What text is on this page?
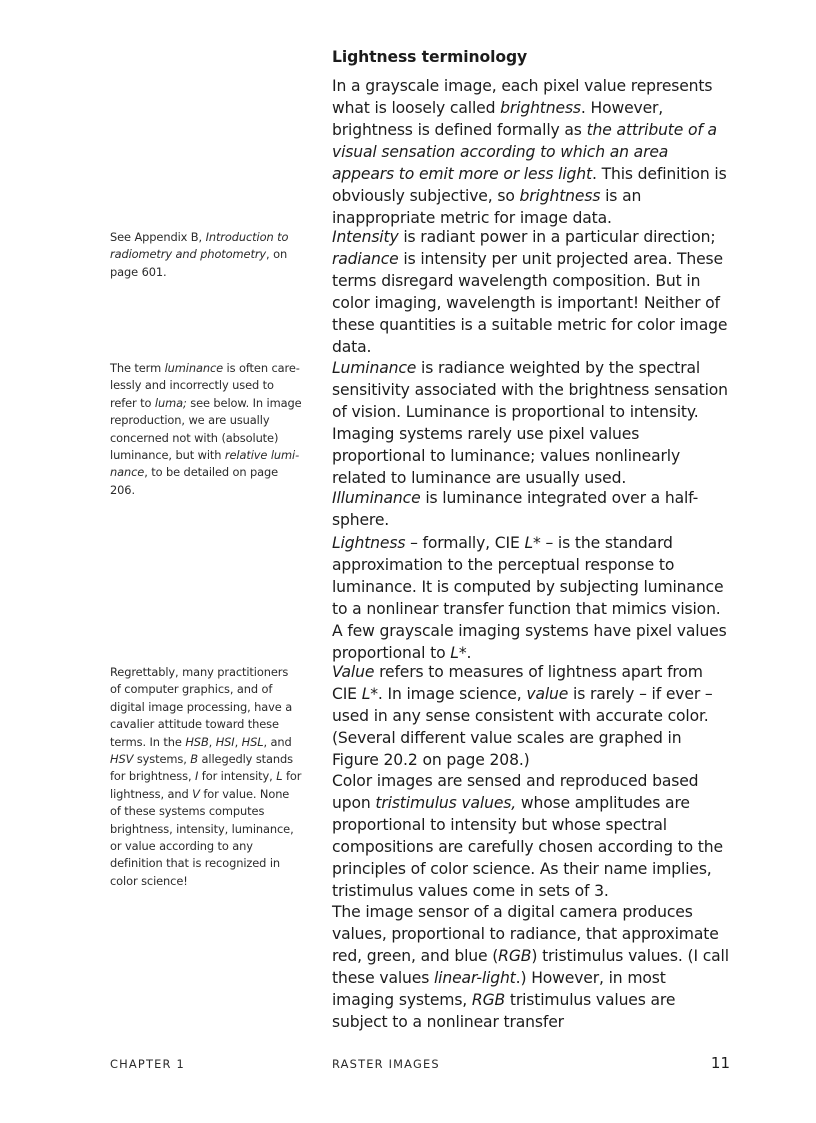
Lightness terminology

In a grayscale image, each pixel value represents what is loosely called brightness. However, brightness is defined formally as the attribute of a visual sensation according to which an area appears to emit more or less light. This definition is obviously subjective, so brightness is an inappropriate metric for image data.

Intensity is radiant power in a particular direction; radiance is intensity per unit projected area. These terms disregard wavelength composition. But in color imaging, wavelength is important! Neither of these quantities is a suitable metric for color image data.

Luminance is radiance weighted by the spectral sensitivity associated with the brightness sensation of vision. Luminance is proportional to intensity. Imaging systems rarely use pixel values proportional to luminance; values nonlinearly related to luminance are usually used.

Illuminance is luminance integrated over a half-sphere.

Lightness – formally, CIE L* – is the standard approximation to the perceptual response to luminance. It is computed by subjecting luminance to a nonlinear transfer function that mimics vision. A few grayscale imaging systems have pixel values proportional to L*.

Value refers to measures of lightness apart from CIE L*. In image science, value is rarely – if ever – used in any sense consistent with accurate color. (Several different value scales are graphed in Figure 20.2 on page 208.)

Color images are sensed and reproduced based upon tristimulus values, whose amplitudes are proportional to intensity but whose spectral compositions are carefully chosen according to the principles of color science. As their name implies, tristimulus values come in sets of 3.

The image sensor of a digital camera produces values, proportional to radiance, that approximate red, green, and blue (RGB) tristimulus values. (I call these values linear-light.) However, in most imaging systems, RGB tristimulus values are subject to a nonlinear transfer

See Appendix B, Introduction to radiometry and photometry, on page 601.

The term luminance is often carelessly and incorrectly used to refer to luma; see below. In image reproduction, we are usually concerned not with (absolute) luminance, but with relative luminance, to be detailed on page 206.

Regrettably, many practitioners of computer graphics, and of digital image processing, have a cavalier attitude toward these terms. In the HSB, HSI, HSL, and HSV systems, B allegedly stands for brightness, I for intensity, L for lightness, and V for value. None of these systems computes brightness, intensity, luminance, or value according to any definition that is recognized in color science!

CHAPTER 1	RASTER IMAGES	11
